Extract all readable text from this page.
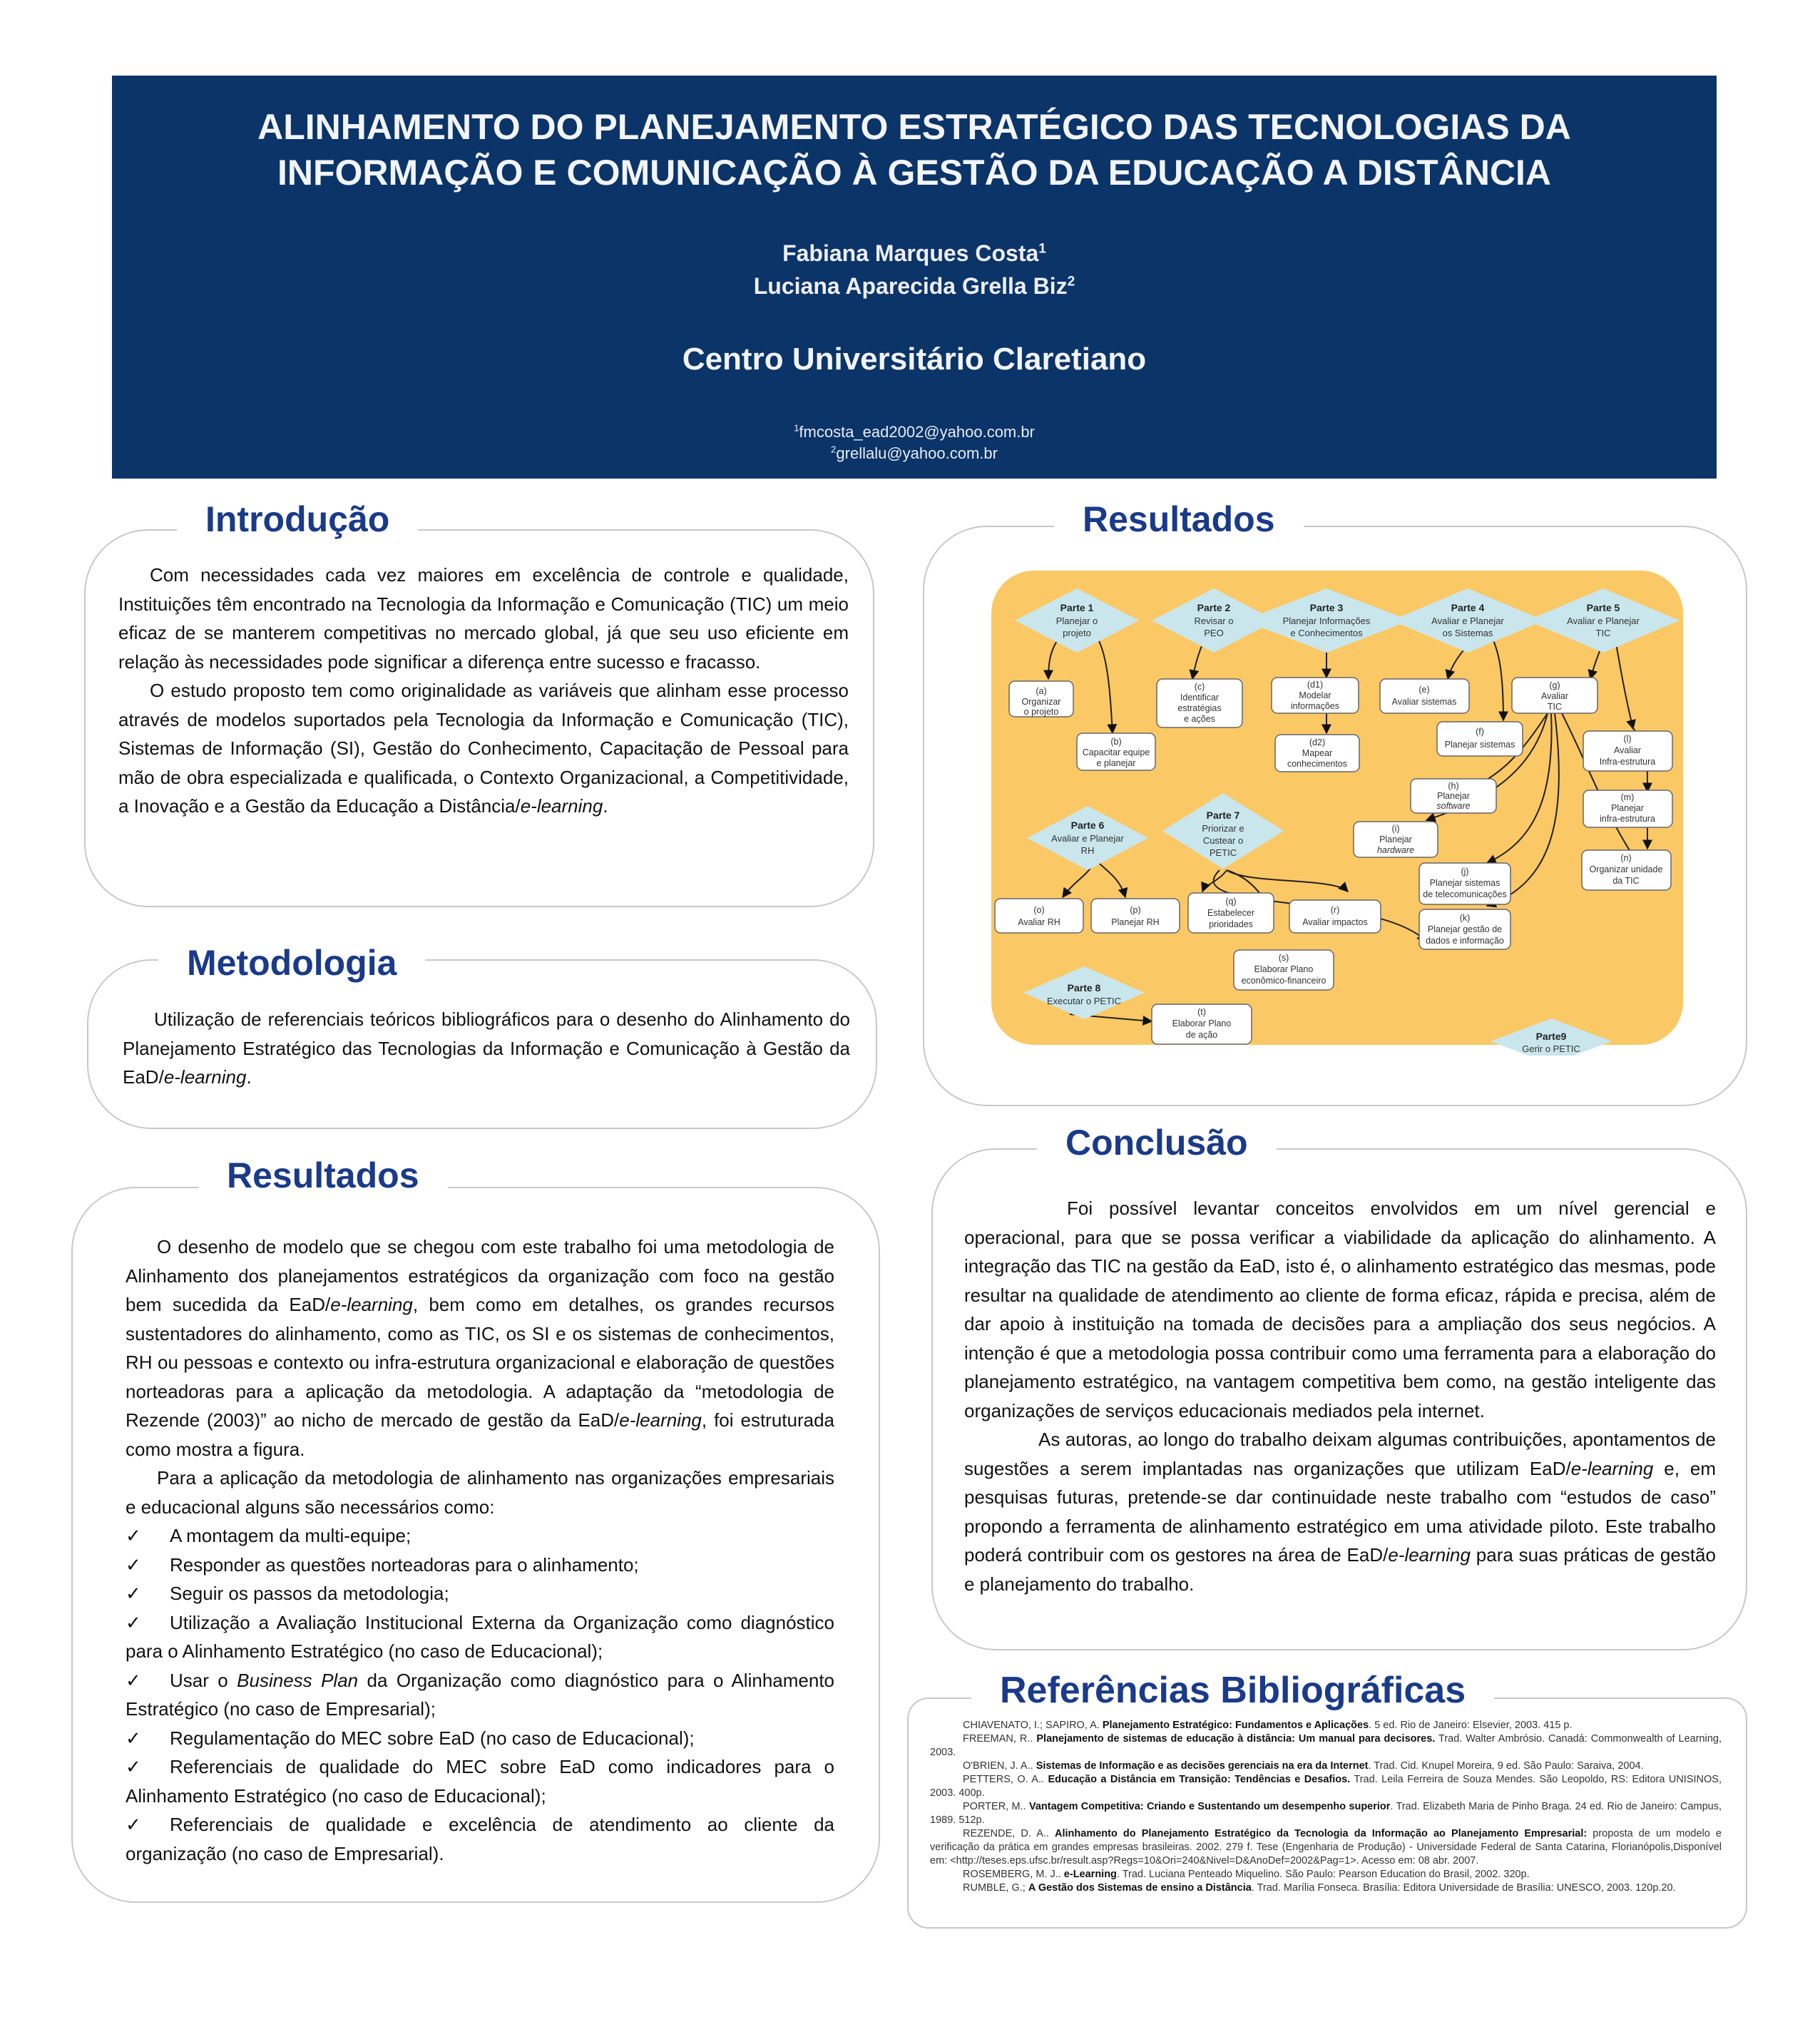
ALINHAMENTO DO PLANEJAMENTO ESTRATÉGICO DAS TECNOLOGIAS DA
INFORMAÇÃO E COMUNICAÇÃO À GESTÃO DA EDUCAÇÃO A DISTÂNCIA
Fabiana Marques Costa$^1$
Luciana Aparecida Grella Biz$^2$
Centro Universitário Claretiano
$^1$fmcosta_ead2002@yahoo.com.br
$^2$grellalu@yahoo.com.br

Com necessidades cada vez maiores em excelência de controle e qualidade, Instituições têm encontrado na Tecnologia da Informação e Comunicação (TIC) um meio eficaz de se manterem competitivas no mercado global, já que seu uso eficiente em relação às necessidades pode significar a diferença entre sucesso e fracasso.

O estudo proposto tem como originalidade as variáveis que alinham esse processo através de modelos suportados pela Tecnologia da Informação e Comunicação (TIC), Sistemas de Informação (SI), Gestão do Conhecimento, Capacitação de Pessoal para mão de obra especializada e qualificada, o Contexto Organizacional, a Competitividade, a Inovação e a Gestão da Educação a Distância/e-learning.

Introdução

Utilização de referenciais teóricos bibliográficos para o desenho do Alinhamento do Planejamento Estratégico das Tecnologias da Informação e Comunicação à Gestão da EaD/e-learning.

Metodologia

O desenho de modelo que se chegou com este trabalho foi uma metodologia de Alinhamento dos planejamentos estratégicos da organização com foco na gestão bem sucedida da EaD/e-learning, bem como em detalhes, os grandes recursos sustentadores do alinhamento, como as TIC, os SI e os sistemas de conhecimentos, RH ou pessoas e contexto ou infra-estrutura organizacional e elaboração de questões norteadoras para a aplicação da metodologia. A adaptação da “metodologia de Rezende (2003)” ao nicho de mercado de gestão da EaD/e-learning, foi estruturada como mostra a figura.

Para a aplicação da metodologia de alinhamento nas organizações empresariais e educacional alguns são necessários como:

✓ A montagem da multi-equipe;
✓ Responder as questões norteadoras para o alinhamento;
✓ Seguir os passos da metodologia;
✓ Utilização a Avaliação Institucional Externa da Organização como diagnóstico para o Alinhamento Estratégico (no caso de Educacional);
✓ Usar o Business Plan da Organização como diagnóstico para o Alinhamento Estratégico (no caso de Empresarial);
✓ Regulamentação do MEC sobre EaD (no caso de Educacional);
✓ Referenciais de qualidade do MEC sobre EaD como indicadores para o Alinhamento Estratégico (no caso de Educacional);
✓ Referenciais de qualidade e excelência de atendimento ao cliente da organização (no caso de Empresarial).
Resultados
Resultados
Parte 1
Planejar o
projeto
Parte 2
Revisar o
PEO
Parte 3
Planejar Informações
e Conhecimentos
Parte 4
Avaliar e Planejar
os Sistemas
Parte 5
Avaliar e Planejar
TIC
Parte 6
Avaliar e Planejar
RH
Parte 7
Priorizar e
Custear o
PETIC
Parte 8
Executar o PETIC
Parte9
Gerir o PETIC
(a)
Organizar
o projeto
(b)
Capacitar equipe
e planejar
(c)
Identificar
estratégias
e ações
(d1)
Modelar
informações
(d2)
Mapear
conhecimentos
(e)
Avaliar sistemas
(f)
Planejar sistemas
(g)
Avaliar
TIC
(h)
Planejar
software
(i)
Planejar
hardware
(j)
Planejar sistemas
de telecomunicações
(k)
Planejar gestão de
dados e informação
(l)
Avaliar
Infra-estrutura
(m)
Planejar
infra-estrutura
(n)
Organizar unidade
da TIC
(o)
Avaliar RH
(p)
Planejar RH
(q)
Estabelecer
prioridades
(r)
Avaliar impactos
(s)
Elaborar Plano
econômico-financeiro
(t)
Elaborar Plano
de ação

Foi possível levantar conceitos envolvidos em um nível gerencial e operacional, para que se possa verificar a viabilidade da aplicação do alinhamento. A integração das TIC na gestão da EaD, isto é, o alinhamento estratégico das mesmas, pode resultar na qualidade de atendimento ao cliente de forma eficaz, rápida e precisa, além de dar apoio à instituição na tomada de decisões para a ampliação dos seus negócios. A intenção é que a metodologia possa contribuir como uma ferramenta para a elaboração do planejamento estratégico, na vantagem competitiva bem como, na gestão inteligente das organizações de serviços educacionais mediados pela internet.

As autoras, ao longo do trabalho deixam algumas contribuições, apontamentos de sugestões a serem implantadas nas organizações que utilizam EaD/e-learning e, em pesquisas futuras, pretende-se dar continuidade neste trabalho com “estudos de caso” propondo a ferramenta de alinhamento estratégico em uma atividade piloto. Este trabalho poderá contribuir com os gestores na área de EaD/e-learning para suas práticas de gestão e planejamento do trabalho.

Conclusão

CHIAVENATO, I.; SAPIRO, A. Planejamento Estratégico: Fundamentos e Aplicações. 5 ed. Rio de Janeiro: Elsevier, 2003. 415 p.

FREEMAN, R.. Planejamento de sistemas de educação à distância: Um manual para decisores. Trad. Walter Ambrósio. Canadá: Commonwealth of Learning, 2003.

O'BRIEN, J. A.. Sistemas de Informação e as decisões gerenciais na era da Internet. Trad. Cid. Knupel Moreira, 9 ed. São Paulo: Saraiva, 2004.

PETTERS, O. A.. Educação a Distância em Transição: Tendências e Desafios. Trad. Leila Ferreira de Souza Mendes. São Leopoldo, RS: Editora UNISINOS, 2003. 400p.

PORTER, M.. Vantagem Competitiva: Criando e Sustentando um desempenho superior. Trad. Elizabeth Maria de Pinho Braga. 24 ed. Rio de Janeiro: Campus, 1989. 512p.

REZENDE, D. A.. Alinhamento do Planejamento Estratégico da Tecnologia da Informação ao Planejamento Empresarial: proposta de um modelo e verificação da prática em grandes empresas brasileiras. 2002. 279 f. Tese (Engenharia de Produção) - Universidade Federal de Santa Catarina, Florianópolis,Disponível em: <http://teses.eps.ufsc.br/result.asp?Regs=10&Ori=240&Nivel=D&AnoDef=2002&Pag=1>. Acesso em: 08 abr. 2007.

ROSEMBERG, M. J.. e-Learning. Trad. Luciana Penteado Miquelino. São Paulo: Pearson Education do Brasil, 2002. 320p.

RUMBLE, G.; A Gestão dos Sistemas de ensino a Distância. Trad. Marília Fonseca. Brasília: Editora Universidade de Brasília: UNESCO, 2003. 120p.20.

Referências Bibliográficas
